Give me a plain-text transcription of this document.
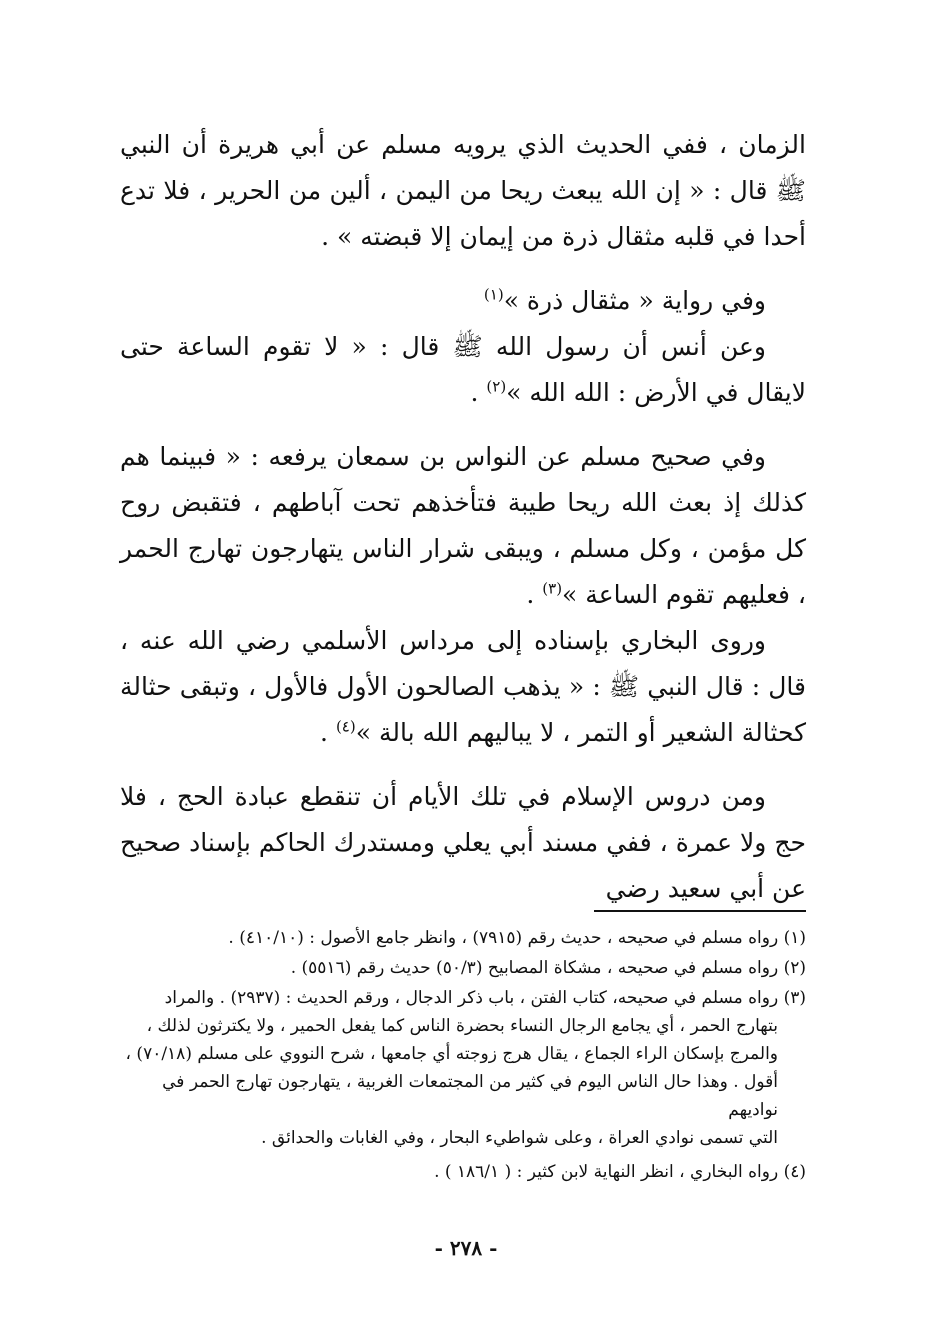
الزمان ، ففي الحديث الذي يرويه مسلم عن أبي هريرة أن النبي ﷺ قال : « إن الله يبعث ريحا من اليمن ، ألين من الحرير ، فلا تدع أحدا في قلبه مثقال ذرة من إيمان إلا قبضته » .

وفي رواية « مثقال ذرة »$^{(١)}$

وعن أنس أن رسول الله ﷺ قال : « لا تقوم الساعة حتى لايقال في الأرض : الله الله »$^{(٢)}$ .

وفي صحيح مسلم عن النواس بن سمعان يرفعه : « فبينما هم كذلك إذ بعث الله ريحا طيبة فتأخذهم تحت آباطهم ، فتقبض روح كل مؤمن ، وكل مسلم ، ويبقى شرار الناس يتهارجون تهارج الحمر ، فعليهم تقوم الساعة »$^{(٣)}$ .

وروى البخاري بإسناده إلى مرداس الأسلمي رضي الله عنه ، قال : قال النبي ﷺ : « يذهب الصالحون الأول فالأول ، وتبقى حثالة كحثالة الشعير أو التمر ، لا يباليهم الله بالة »$^{(٤)}$ .

ومن دروس الإسلام في تلك الأيام أن تنقطع عبادة الحج ، فلا حج ولا عمرة ، ففي مسند أبي يعلي ومستدرك الحاكم بإسناد صحيح عن أبي سعيد رضي

(١) رواه مسلم في صحيحه ، حديث رقم (٧٩١٥) ، وانظر جامع الأصول : (٤١٠/١٠) .
(٢) رواه مسلم في صحيحه ، مشكاة المصابيح (٥٠/٣) حديث رقم (٥٥١٦) .
(٣) رواه مسلم في صحيحه، كتاب الفتن ، باب ذكر الدجال ، ورقم الحديث : (٢٩٣٧) . والمراد
بتهارج الحمر ، أي يجامع الرجال النساء بحضرة الناس كما يفعل الحمير ، ولا يكترثون لذلك ،
والمرج بإسكان الراء الجماع ، يقال هرج زوجته أي جامعها ، شرح النووي على مسلم (٧٠/١٨) ،
أقول . وهذا حال الناس اليوم في كثير من المجتمعات الغربية ، يتهارجون تهارج الحمر في نواديهم
التي تسمى نوادي العراة ، وعلى شواطيء البحار ، وفي الغابات والحدائق .
(٤) رواه البخاري ، انظر النهاية لابن كثير : ( ١٨٦/١ ) .
- ٢٧٨ -
